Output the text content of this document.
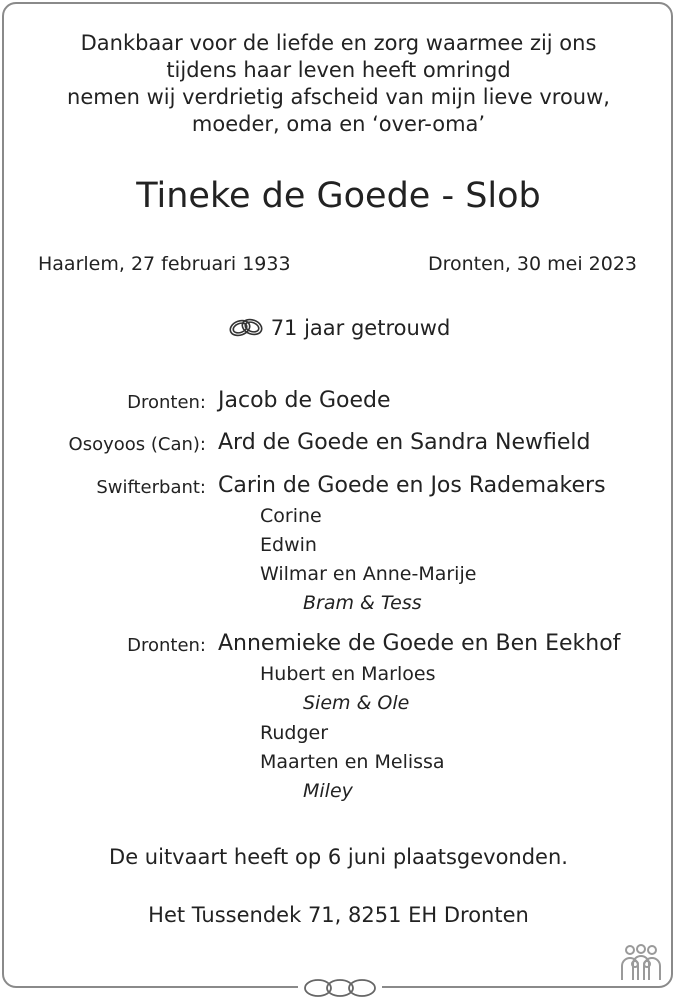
Dankbaar voor de liefde en zorg waarmee zij ons
tijdens haar leven heeft omringd
nemen wij verdrietig afscheid van mijn lieve vrouw,
moeder, oma en ‘over-oma’
Tineke de Goede - Slob
Haarlem, 27 februari 1933	Dronten, 30 mei 2023
71 jaar getrouwd
Dronten: Jacob de Goede
Osoyoos (Can): Ard de Goede en Sandra Newfield
Swifterbant: Carin de Goede en Jos Rademakers
Corine
Edwin
Wilmar en Anne-Marije
Bram & Tess
Dronten: Annemieke de Goede en Ben Eekhof
Hubert en Marloes
Siem & Ole
Rudger
Maarten en Melissa
Miley
De uitvaart heeft op 6 juni plaatsgevonden.
Het Tussendek 71, 8251 EH Dronten
